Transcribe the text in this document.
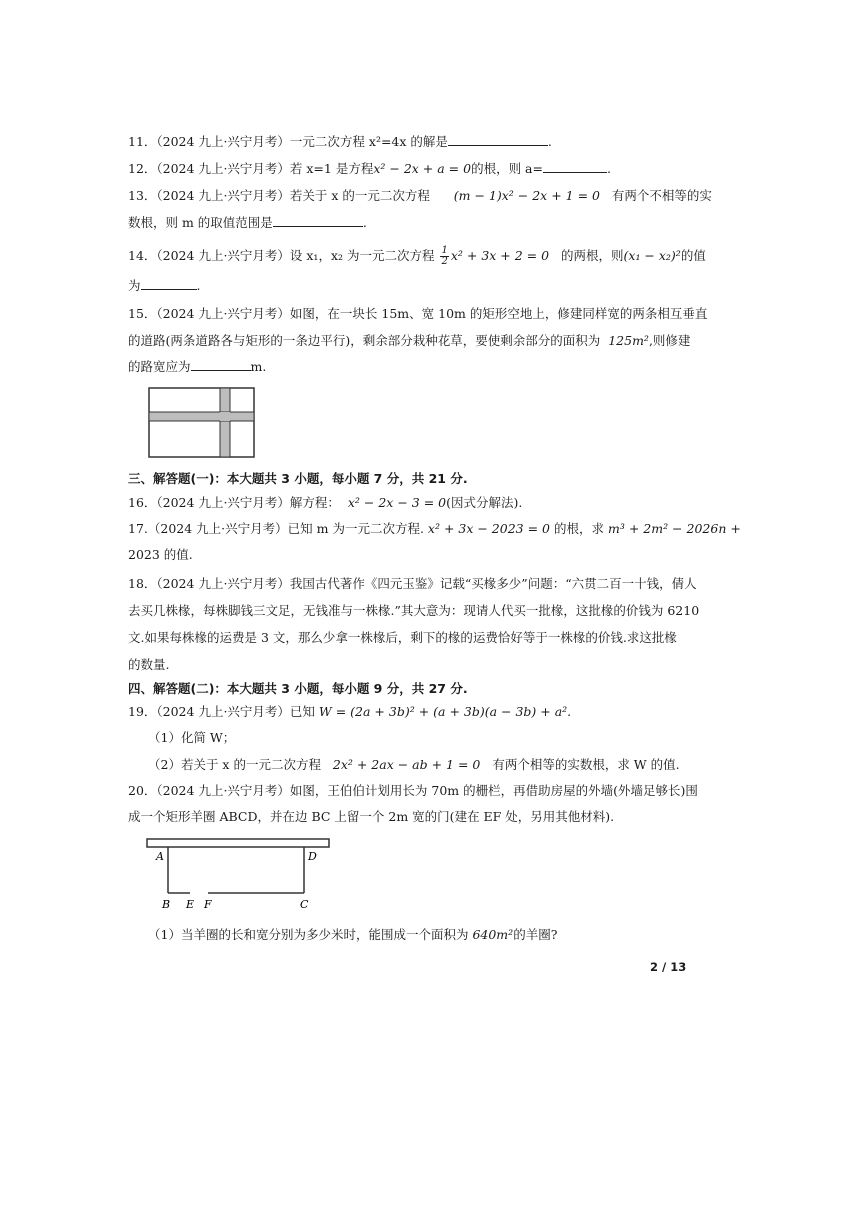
11．（2024 九上·兴宁月考）一元二次方程 x²=4x 的解是	.
12．（2024 九上·兴宁月考）若 x=1 是方程x² − 2x + a = 0的根，则 a=	.
13．（2024 九上·兴宁月考）若关于 x 的一元二次方程 (m − 1)x² − 2x + 1 = 0 有两个不相等的实
数根，则 m 的取值范围是	.
14．（2024 九上·兴宁月考）设 x₁，x₂ 为一元二次方程 $\frac{1}{2} x^2 + 3x + 2 = 0$ 的两根，则(x₁ − x₂)²的值
为	.
15．（2024 九上·兴宁月考）如图，在一块长 15m、宽 10m 的矩形空地上，修建同样宽的两条相互垂直
的道路(两条道路各与矩形的一条边平行)，剩余部分栽种花草，要使剩余部分的面积为 125m²,则修建
的路宽应为	m.
三、解答题(一)：本大题共 3 小题，每小题 7 分，共 21 分.
16．（2024 九上·兴宁月考）解方程： x² − 2x − 3 = 0(因式分解法).
17.（2024 九上·兴宁月考）已知 m 为一元二次方程. x² + 3x − 2023 = 0 的根，求 m³ + 2m² − 2026n +
2023 的值.
18．（2024 九上·兴宁月考）我国古代著作《四元玉鉴》记载“买椽多少”问题：“六贯二百一十钱，倩人
去买几株椽，每株脚钱三文足，无钱准与一株椽.”其大意为：现请人代买一批椽，这批椽的价钱为 6210
文.如果每株椽的运费是 3 文，那么少拿一株椽后，剩下的椽的运费恰好等于一株椽的价钱.求这批椽
的数量.
四、解答题(二)：本大题共 3 小题，每小题 9 分，共 27 分.
19．（2024 九上·兴宁月考）已知 W = (2a + 3b)² + (a + 3b)(a − 3b) + a².
（1）化简 W；
（2）若关于 x 的一元二次方程 2x² + 2ax − ab + 1 = 0 有两个相等的实数根，求 W 的值.
20．（2024 九上·兴宁月考）如图，王伯伯计划用长为 70m 的栅栏，再借助房屋的外墙(外墙足够长)围
成一个矩形羊圈 ABCD，并在边 BC 上留一个 2m 宽的门(建在 EF 处，另用其他材料).
A	D
B E F	C
（1）当羊圈的长和宽分别为多少米时，能围成一个面积为 640m²的羊圈?
2 / 13
